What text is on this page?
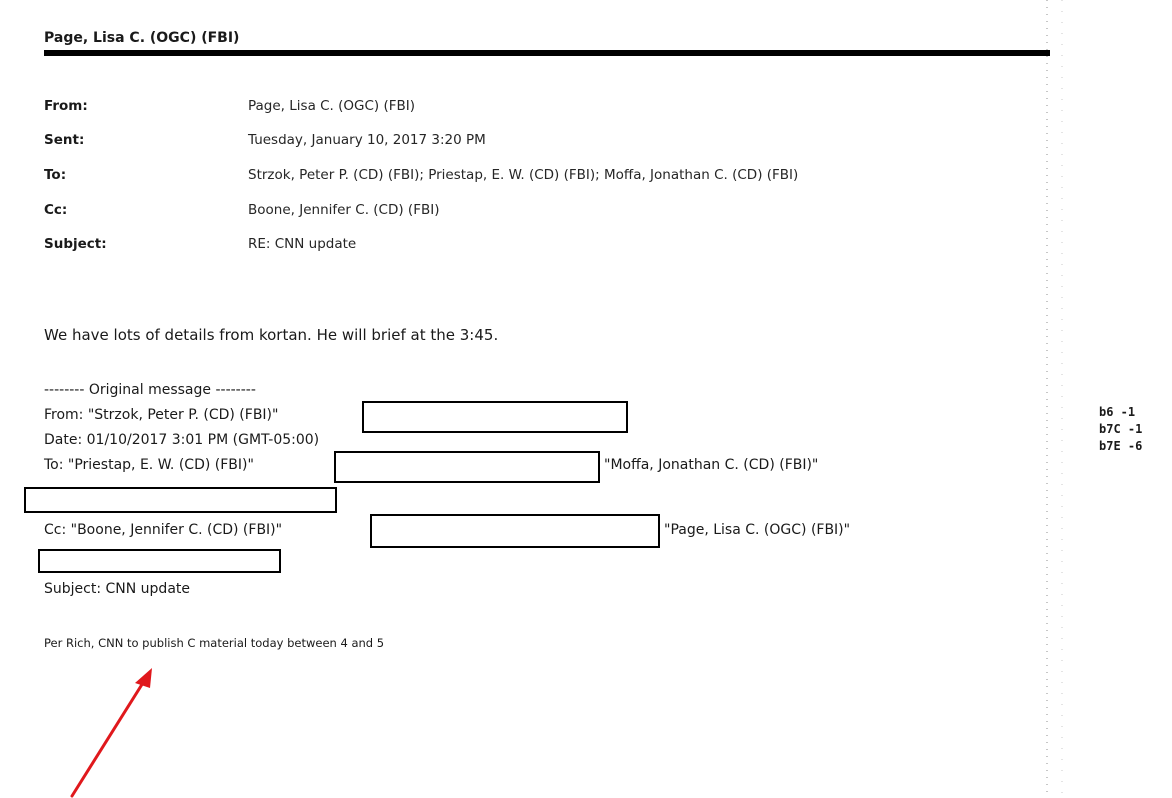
Page, Lisa C. (OGC) (FBI)
From:	Page, Lisa C. (OGC) (FBI)
Sent:	Tuesday, January 10, 2017 3:20 PM
To:	Strzok, Peter P. (CD) (FBI); Priestap, E. W. (CD) (FBI); Moffa, Jonathan C. (CD) (FBI)
Cc:	Boone, Jennifer C. (CD) (FBI)
Subject:	RE: CNN update
We have lots of details from kortan. He will brief at the 3:45.
-------- Original message --------
From: "Strzok, Peter P. (CD) (FBI)"
Date: 01/10/2017 3:01 PM (GMT-05:00)
To: "Priestap, E. W. (CD) (FBI)"	"Moffa, Jonathan C. (CD) (FBI)"
Cc: "Boone, Jennifer C. (CD) (FBI)"	"Page, Lisa C. (OGC) (FBI)"
Subject: CNN update
Per Rich, CNN to publish C material today between 4 and 5
b6 -1
b7C -1
b7E -6
